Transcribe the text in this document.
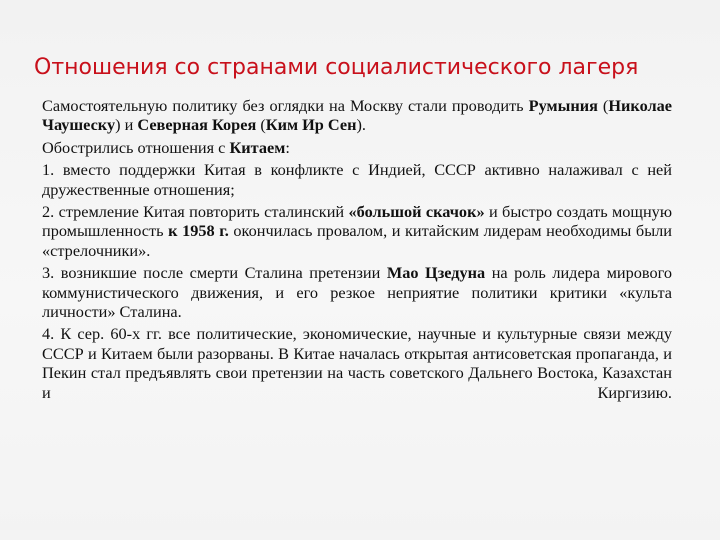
Отношения со странами социалистического лагеря

Самостоятельную политику без оглядки на Москву стали проводить Румыния (Николае Чаушеску) и Северная Корея (Ким Ир Сен).

Обострились отношения с Китаем:

1. вместо поддержки Китая в конфликте с Индией, СССР активно налаживал с ней дружественные отношения;

2. стремление Китая повторить сталинский «большой скачок» и быстро создать мощную промышленность к 1958 г. окончилась провалом, и китайским лидерам необходимы были «стрелочники».

3. возникшие после смерти Сталина претензии Мао Цзедуна на роль лидера мирового коммунистического движения, и его резкое неприятие политики критики «культа личности» Сталина.

4. К сер. 60-х гг. все политические, экономические, научные и культурные связи между СССР и Китаем были разорваны. В Китае началась открытая антисоветская пропаганда, и Пекин стал предъявлять свои претензии на часть советского Дальнего Востока, Казахстан и Киргизию.
